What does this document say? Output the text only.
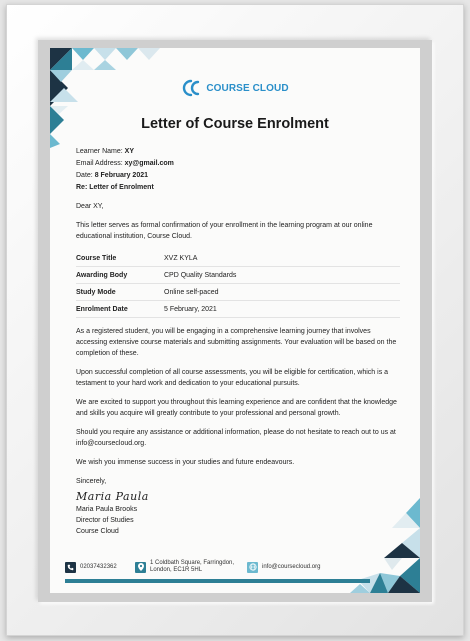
COURSE CLOUD
Letter of Course Enrolment
Learner Name: XY
Email Address: xy@gmail.com
Date: 8 February 2021
Re: Letter of Enrolment
Dear XY,
This letter serves as formal confirmation of your enrollment in the learning program at our online educational institution, Course Cloud.
Course Title	XVZ KYLA
Awarding Body	CPD Quality Standards
Study Mode	Online self-paced
Enrolment Date	5 February, 2021
As a registered student, you will be engaging in a comprehensive learning journey that involves accessing extensive course materials and submitting assignments. Your evaluation will be based on the completion of these.
Upon successful completion of all course assessments, you will be eligible for certification, which is a testament to your hard work and dedication to your educational pursuits.
We are excited to support you throughout this learning experience and are confident that the knowledge and skills you acquire will greatly contribute to your professional and personal growth.
Should you require any assistance or additional information, please do not hesitate to reach out to us at info@coursecloud.org.
We wish you immense success in your studies and future endeavours.
Sincerely,
Maria Paula
Maria Paula Brooks
Director of Studies
Course Cloud
02037432362
1 Coldbath Square, Farringdon,
London, EC1R 5HL	info@coursecloud.org
